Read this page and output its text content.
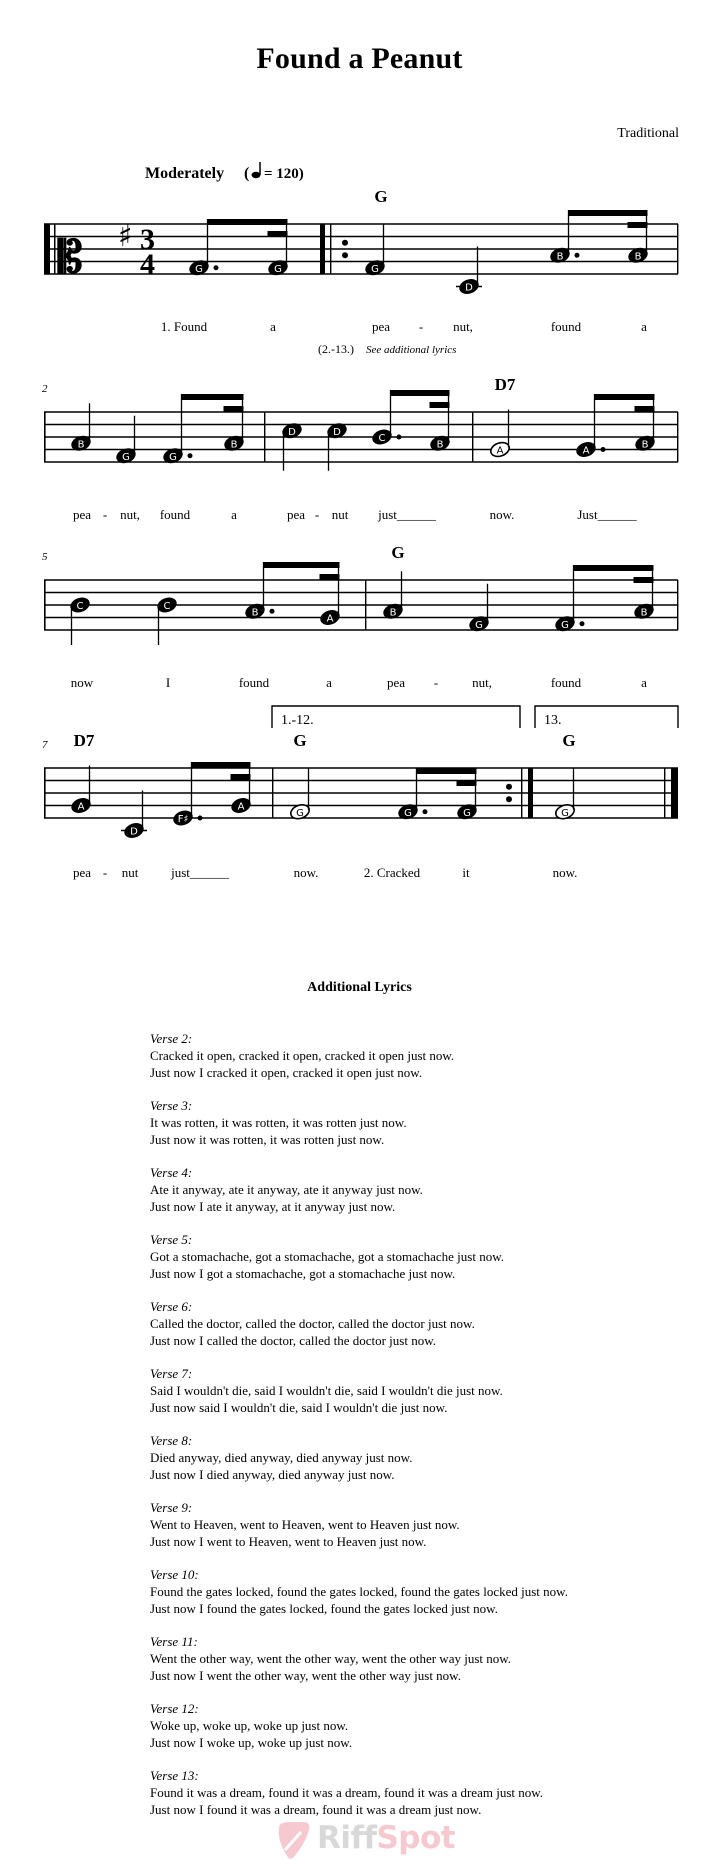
Found a Peanut
Traditional
Moderately ( = 120)
𝄡 ♯ 3
4	G	G
G
G
D
B	B
1. Found	a	pea - nut,	found	a
(2.-13.) See additional lyrics
2	D7
B
G	G
B
D	D
C
B
A	A
B
pea - nut, found	a	pea - nut just______	now.	Just______
5	G
C	C
B
A
B
G	G
B
now	I	found	a	pea -	nut,	found	a
7 D7	G	G
1.-12.	13.
A
D
F♯
A
G	G	G	G
pea - nut	just______	now.	2. Cracked	it	now.
Additional Lyrics
Verse 2:
Cracked it open, cracked it open, cracked it open just now.
Just now I cracked it open, cracked it open just now.
Verse 3:
It was rotten, it was rotten, it was rotten just now.
Just now it was rotten, it was rotten just now.
Verse 4:
Ate it anyway, ate it anyway, ate it anyway just now.
Just now I ate it anyway, at it anyway just now.
Verse 5:
Got a stomachache, got a stomachache, got a stomachache just now.
Just now I got a stomachache, got a stomachache just now.
Verse 6:
Called the doctor, called the doctor, called the doctor just now.
Just now I called the doctor, called the doctor just now.
Verse 7:
Said I wouldn't die, said I wouldn't die, said I wouldn't die just now.
Just now said I wouldn't die, said I wouldn't die just now.
Verse 8:
Died anyway, died anyway, died anyway just now.
Just now I died anyway, died anyway just now.
Verse 9:
Went to Heaven, went to Heaven, went to Heaven just now.
Just now I went to Heaven, went to Heaven just now.
Verse 10:
Found the gates locked, found the gates locked, found the gates locked just now.
Just now I found the gates locked, found the gates locked just now.
Verse 11:
Went the other way, went the other way, went the other way just now.
Just now I went the other way, went the other way just now.
Verse 12:
Woke up, woke up, woke up just now.
Just now I woke up, woke up just now.
Verse 13:
Found it was a dream, found it was a dream, found it was a dream just now.
Just now I found it was a dream, found it was a dream just now.
RiffSpot
